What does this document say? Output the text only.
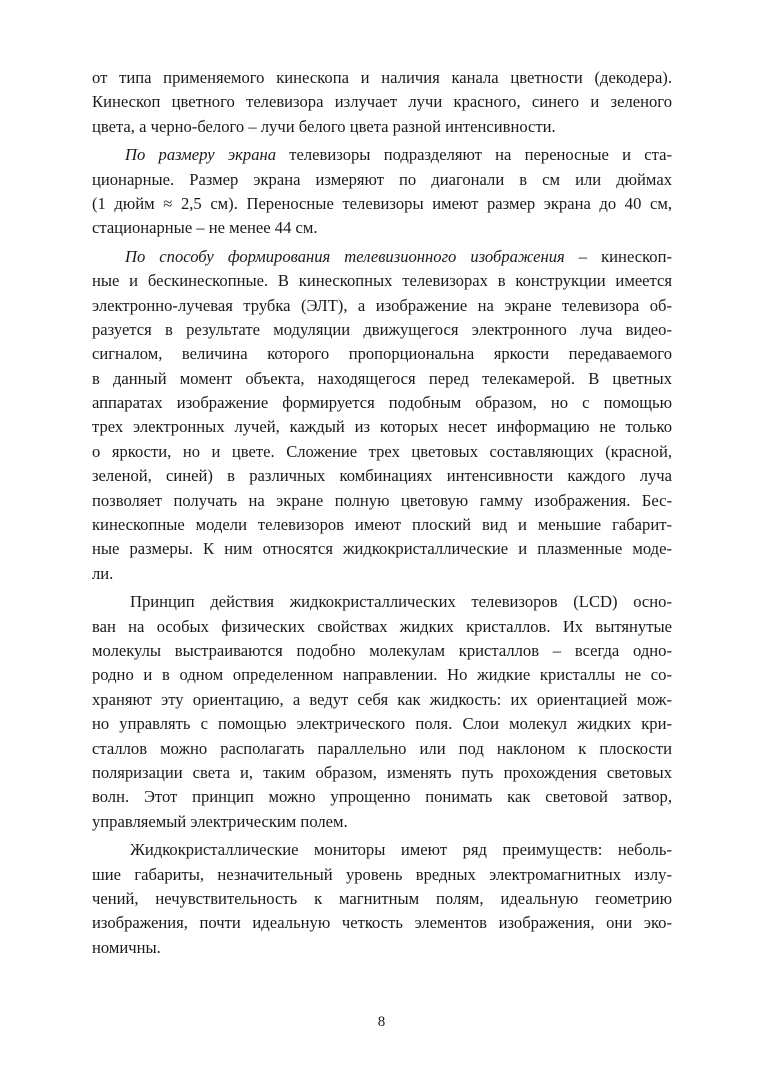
от типа применяемого кинескопа и наличия канала цветности (декодера).
Кинескоп цветного телевизора излучает лучи красного, синего и зеленого
цвета, а черно-белого – лучи белого цвета разной интенсивности.
По размеру экрана телевизоры подразделяют на переносные и ста-
ционарные. Размер экрана измеряют по диагонали в см или дюймах
(1 дюйм ≈ 2,5 см). Переносные телевизоры имеют размер экрана до 40 см,
стационарные – не менее 44 см.
По способу формирования телевизионного изображения – кинескоп-
ные и бескинескопные. В кинескопных телевизорах в конструкции имеется
электронно-лучевая трубка (ЭЛТ), а изображение на экране телевизора об-
разуется в результате модуляции движущегося электронного луча видео-
сигналом, величина которого пропорциональна яркости передаваемого
в данный момент объекта, находящегося перед телекамерой. В цветных
аппаратах изображение формируется подобным образом, но с помощью
трех электронных лучей, каждый из которых несет информацию не только
о яркости, но и цвете. Сложение трех цветовых составляющих (красной,
зеленой, синей) в различных комбинациях интенсивности каждого луча
позволяет получать на экране полную цветовую гамму изображения. Бес-
кинескопные модели телевизоров имеют плоский вид и меньшие габарит-
ные размеры. К ним относятся жидкокристаллические и плазменные моде-
ли.
Принцип действия жидкокристаллических телевизоров (LCD) осно-
ван на особых физических свойствах жидких кристаллов. Их вытянутые
молекулы выстраиваются подобно молекулам кристаллов – всегда одно-
родно и в одном определенном направлении. Но жидкие кристаллы не со-
храняют эту ориентацию, а ведут себя как жидкость: их ориентацией мож-
но управлять с помощью электрического поля. Слои молекул жидких кри-
сталлов можно располагать параллельно или под наклоном к плоскости
поляризации света и, таким образом, изменять путь прохождения световых
волн. Этот принцип можно упрощенно понимать как световой затвор,
управляемый электрическим полем.
Жидкокристаллические мониторы имеют ряд преимуществ: неболь-
шие габариты, незначительный уровень вредных электромагнитных излу-
чений, нечувствительность к магнитным полям, идеальную геометрию
изображения, почти идеальную четкость элементов изображения, они эко-
номичны.
8
